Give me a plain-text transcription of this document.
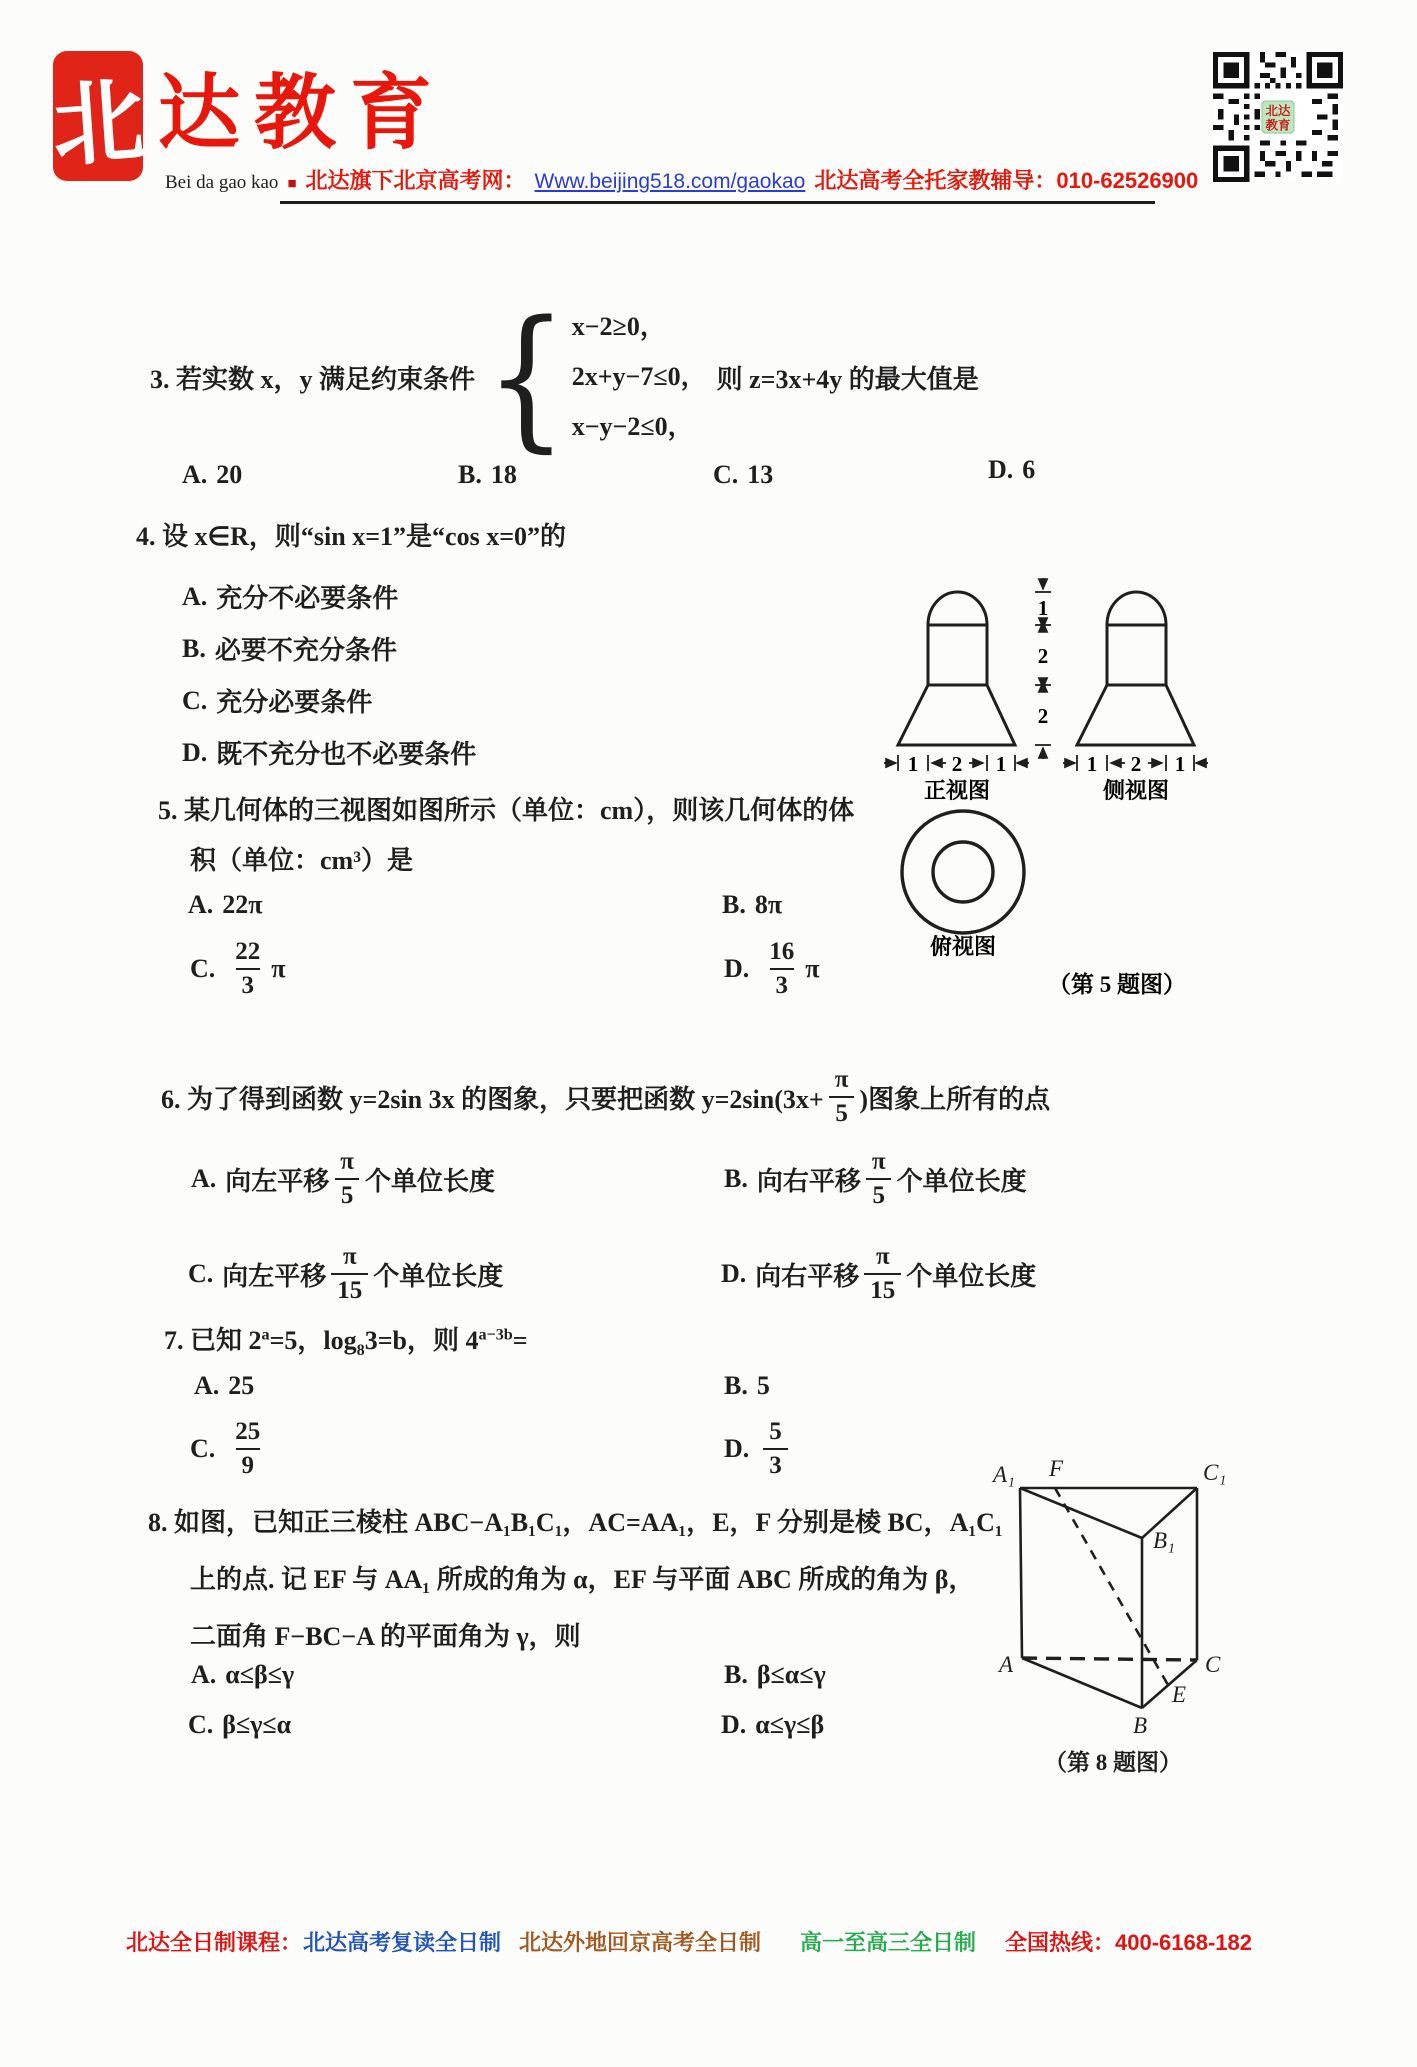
北 达教育
Bei da gao kao ■ 北达旗下北京高考网： Www.beijing518.com/gaokao 北达高考全托家教辅导：010-62526900
北达
教育
3. 若实数 x，y 满足约束条件 { x−2≥0，
2x+y−7≤0，
x−y−2≤0，
则 z=3x+4y 的最大值是
A. 20	B. 18	C. 13	D. 6
4. 设 x∈R，则“sin x=1”是“cos x=0”的
A. 充分不必要条件
B. 必要不充分条件
C. 充分必要条件
D. 既不充分也不必要条件	1 2 1
正视图
1
2
2
1 2 1
侧视图
俯视图
（第 5 题图）
5. 某几何体的三视图如图所示（单位：cm），则该几何体的体
积（单位：cm³）是
A. 22π	B. 8π
C. $\frac{22}{3}$ π	D. $\frac{16}{3}$ π
6. 为了得到函数 y=2sin 3x 的图象，只要把函数 $y=2\sin(3x+ \frac{\pi}{5}$ )图象上所有的点
A. 向左平移 $\frac{\pi}{5}$ 个单位长度	B. 向右平移 $\frac{\pi}{5}$ 个单位长度
C. 向左平移 $\frac{\pi}{15}$ 个单位长度	D. 向右平移 $\frac{\pi}{15}$ 个单位长度
7. 已知 $2^a=5$，$\log_83=b$，则 $4^{a-3b}=$
A. 25	B. 5
C. $\frac{25}{9}$	D. $\frac{5}{3}$
8. 如图，已知正三棱柱 ABC−A₁B₁C₁，AC=AA₁，E，F 分别是棱 BC，A₁C₁
上的点. 记 EF 与 AA₁ 所成的角为 α，EF 与平面 ABC 所成的角为 β，
二面角 F−BC−A 的平面角为 γ，则
A. α≤β≤γ	B. β≤α≤γ
C. β≤γ≤α	D. α≤γ≤β
A₁ F	C₁
B₁
A	C
E
B
（第 8 题图）
北达全日制课程： 北达高考复读全日制 北达外地回京高考全日制 高一至高三全日制 全国热线：400-6168-182
